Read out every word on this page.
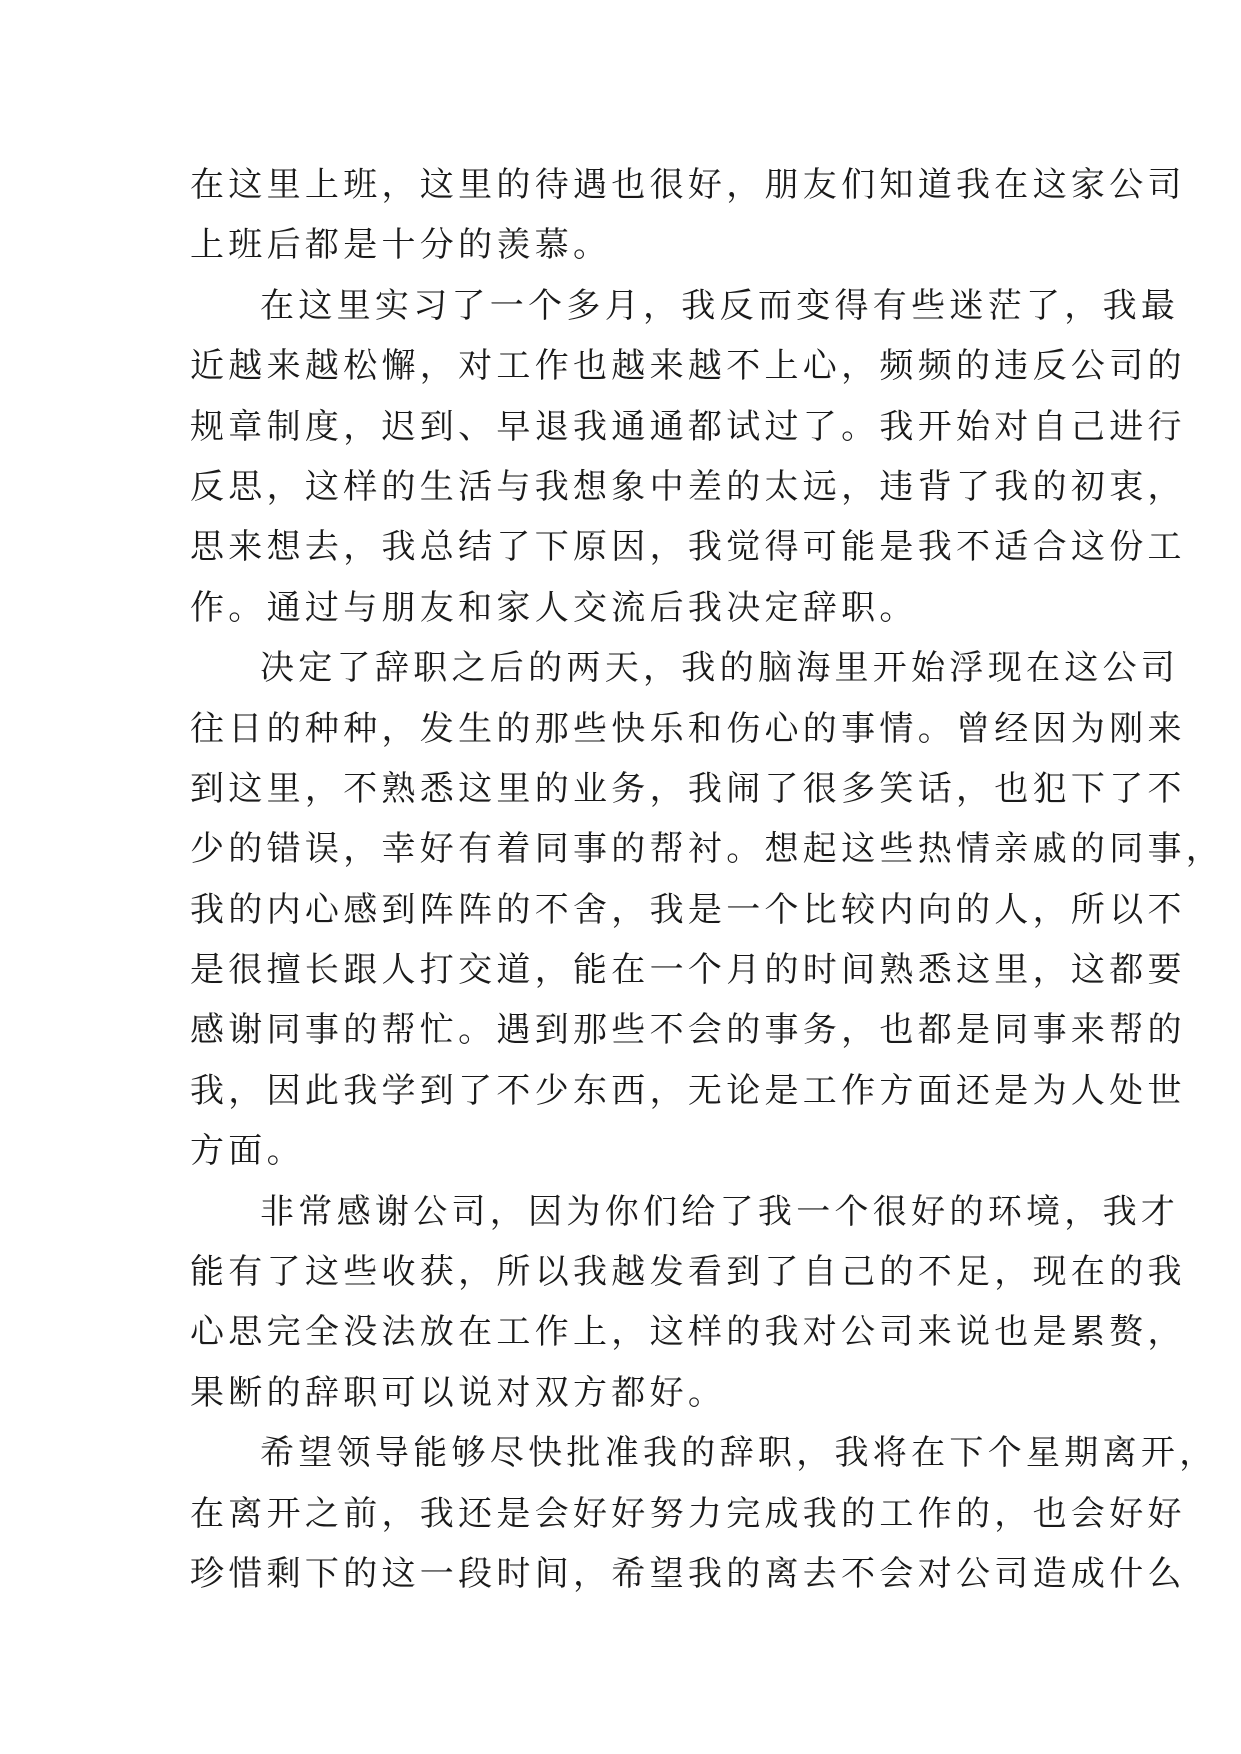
在这里上班，这里的待遇也很好，朋友们知道我在这家公司
上班后都是十分的羡慕。
在这里实习了一个多月，我反而变得有些迷茫了，我最
近越来越松懈，对工作也越来越不上心，频频的违反公司的
规章制度，迟到、早退我通通都试过了。我开始对自己进行
反思，这样的生活与我想象中差的太远，违背了我的初衷，
思来想去，我总结了下原因，我觉得可能是我不适合这份工
作。通过与朋友和家人交流后我决定辞职。
决定了辞职之后的两天，我的脑海里开始浮现在这公司
往日的种种，发生的那些快乐和伤心的事情。曾经因为刚来
到这里，不熟悉这里的业务，我闹了很多笑话，也犯下了不
少的错误，幸好有着同事的帮衬。想起这些热情亲戚的同事，
我的内心感到阵阵的不舍，我是一个比较内向的人，所以不
是很擅长跟人打交道，能在一个月的时间熟悉这里，这都要
感谢同事的帮忙。遇到那些不会的事务，也都是同事来帮的
我，因此我学到了不少东西，无论是工作方面还是为人处世
方面。
非常感谢公司，因为你们给了我一个很好的环境，我才
能有了这些收获，所以我越发看到了自己的不足，现在的我
心思完全没法放在工作上，这样的我对公司来说也是累赘，
果断的辞职可以说对双方都好。
希望领导能够尽快批准我的辞职，我将在下个星期离开，
在离开之前，我还是会好好努力完成我的工作的，也会好好
珍惜剩下的这一段时间，希望我的离去不会对公司造成什么
